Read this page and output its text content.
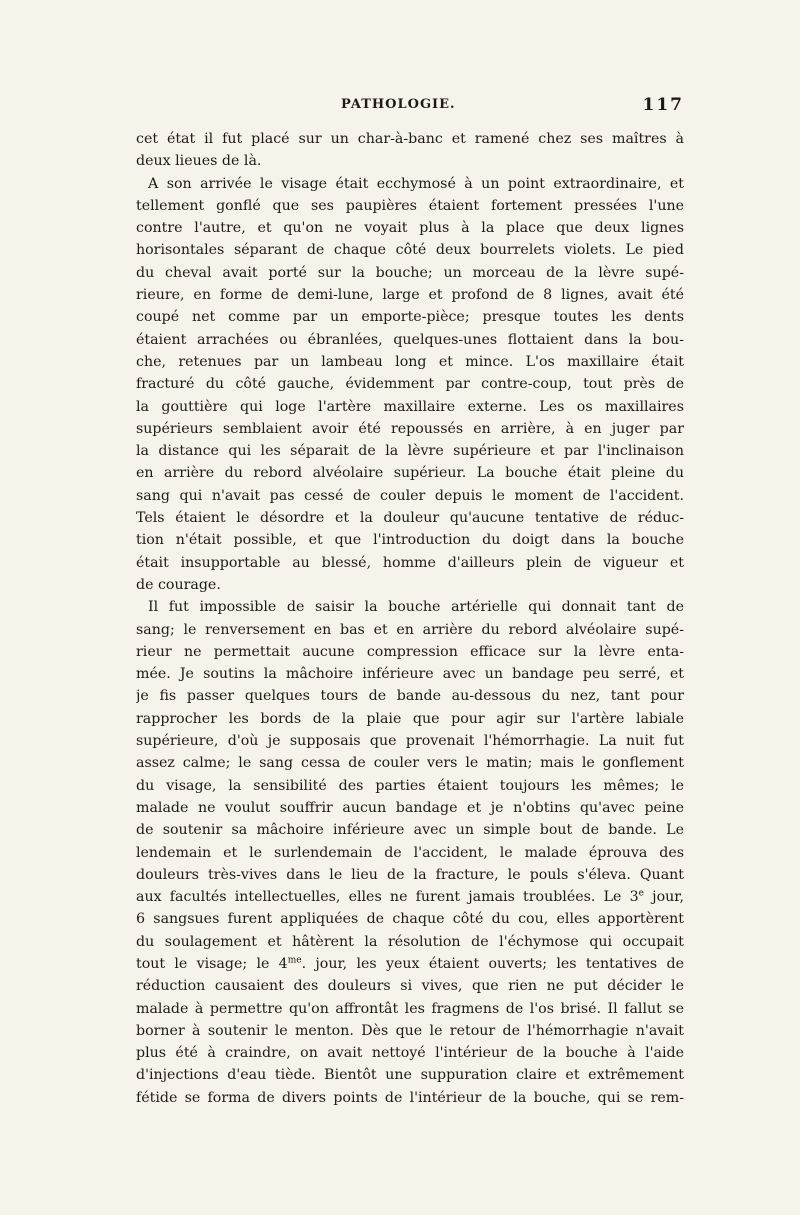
PATHOLOGIE.	117
cet état il fut placé sur un char-à-banc et ramené chez ses maîtres à
deux lieues de là.
A son arrivée le visage était ecchymosé à un point extraordinaire, et
tellement gonflé que ses paupières étaient fortement pressées l'une
contre l'autre, et qu'on ne voyait plus à la place que deux lignes
horisontales séparant de chaque côté deux bourrelets violets. Le pied
du cheval avait porté sur la bouche; un morceau de la lèvre supé-
rieure, en forme de demi-lune, large et profond de 8 lignes, avait été
coupé net comme par un emporte-pièce; presque toutes les dents
étaient arrachées ou ébranlées, quelques-unes flottaient dans la bou-
che, retenues par un lambeau long et mince. L'os maxillaire était
fracturé du côté gauche, évidemment par contre-coup, tout près de
la gouttière qui loge l'artère maxillaire externe. Les os maxillaires
supérieurs semblaient avoir été repoussés en arrière, à en juger par
la distance qui les séparait de la lèvre supérieure et par l'inclinaison
en arrière du rebord alvéolaire supérieur. La bouche était pleine du
sang qui n'avait pas cessé de couler depuis le moment de l'accident.
Tels étaient le désordre et la douleur qu'aucune tentative de réduc-
tion n'était possible, et que l'introduction du doigt dans la bouche
était insupportable au blessé, homme d'ailleurs plein de vigueur et
de courage.
Il fut impossible de saisir la bouche artérielle qui donnait tant de
sang; le renversement en bas et en arrière du rebord alvéolaire supé-
rieur ne permettait aucune compression efficace sur la lèvre enta-
mée. Je soutins la mâchoire inférieure avec un bandage peu serré, et
je fis passer quelques tours de bande au-dessous du nez, tant pour
rapprocher les bords de la plaie que pour agir sur l'artère labiale
supérieure, d'où je supposais que provenait l'hémorrhagie. La nuit fut
assez calme; le sang cessa de couler vers le matin; mais le gonflement
du visage, la sensibilité des parties étaient toujours les mêmes; le
malade ne voulut souffrir aucun bandage et je n'obtins qu'avec peine
de soutenir sa mâchoire inférieure avec un simple bout de bande. Le
lendemain et le surlendemain de l'accident, le malade éprouva des
douleurs très-vives dans le lieu de la fracture, le pouls s'éleva. Quant
aux facultés intellectuelles, elles ne furent jamais troublées. Le 3e jour,
6 sangsues furent appliquées de chaque côté du cou, elles apportèrent
du soulagement et hâtèrent la résolution de l'échymose qui occupait
tout le visage; le $4^{me}$. jour, les yeux étaient ouverts; les tentatives de
réduction causaient des douleurs si vives, que rien ne put décider le
malade à permettre qu'on affrontât les fragmens de l'os brisé. Il fallut se
borner à soutenir le menton. Dès que le retour de l'hémorrhagie n'avait
plus été à craindre, on avait nettoyé l'intérieur de la bouche à l'aide
d'injections d'eau tiède. Bientôt une suppuration claire et extrêmement
fétide se forma de divers points de l'intérieur de la bouche, qui se rem-
